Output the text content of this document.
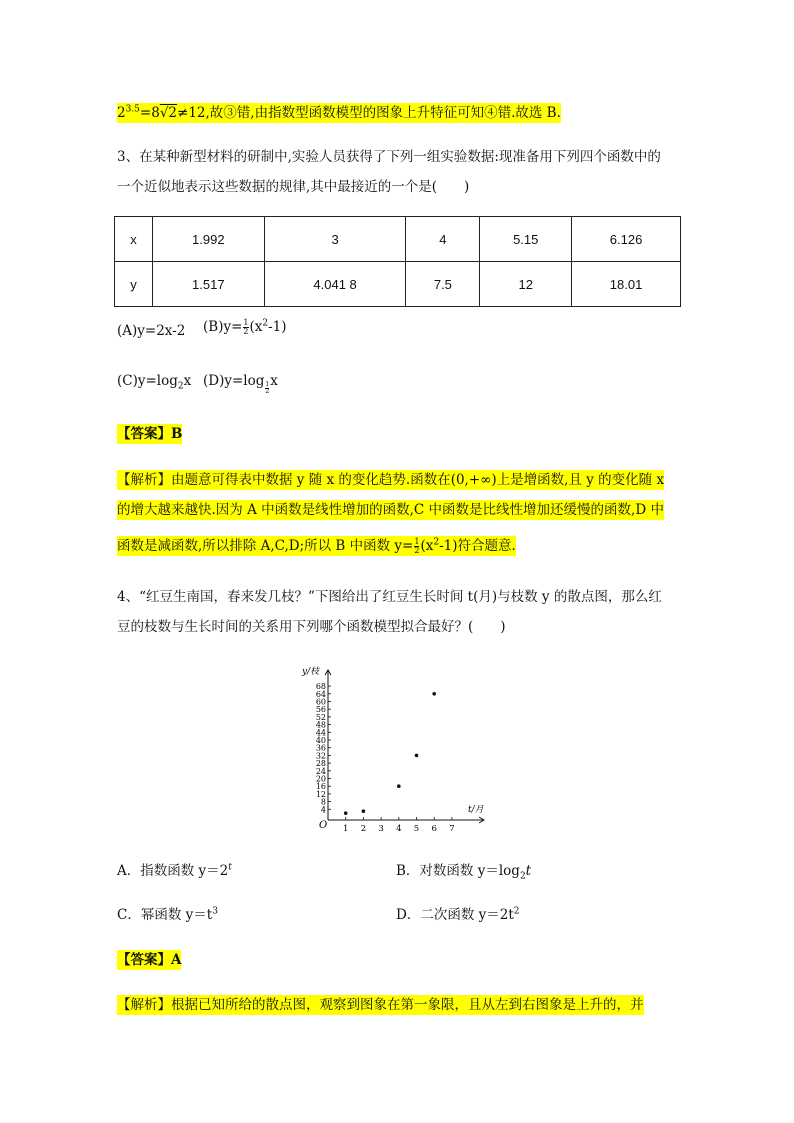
$2^{3.5}=8√2\ne 12$,故③错,由指数型函数模型的图象上升特征可知④错.故选 B.
3、在某种新型材料的研制中,实验人员获得了下列一组实验数据:现准备用下列四个函数中的
一个近似地表示这些数据的规律,其中最接近的一个是(　　)
x	1.992	3	4	5.15	6.126
y	1.517	4.041 8	7.5	12	18.01
(A)y=2x-2 $(B)y= \frac{1}{2} (x^2-1)$
$(C)y=\log_2x$ $(D)y=\log \frac{1}{2}$ x
【答案】B
【解析】由题意可得表中数据 y 随 x 的变化趋势.函数在(0,+∞)上是增函数,且 y 的变化随 x
的增大越来越快.因为 A 中函数是线性增加的函数,C 中函数是比线性增加还缓慢的函数,D 中
函数是减函数,所以排除 A,C,D;所以 B 中函数 $y= \frac{1}{2} (x^2-1)$符合题意.
4、“红豆生南国，春来发几枝？”下图给出了红豆生长时间 t(月)与枝数 y 的散点图，那么红
豆的枝数与生长时间的关系用下列哪个函数模型拟合最好？(　　)
4
8
12
16
20
24
28
32
36
40
44
48
52
56
60
64
68
1 2 3 4 5 6 7
y/枝
t/月
O
A．指数函数 $y=2^t$	B．对数函数 $y=\log_2t$
C．幂函数 $y=t^3$	D．二次函数 $y=2t^2$
【答案】A
【解析】根据已知所给的散点图，观察到图象在第一象限，且从左到右图象是上升的，并
